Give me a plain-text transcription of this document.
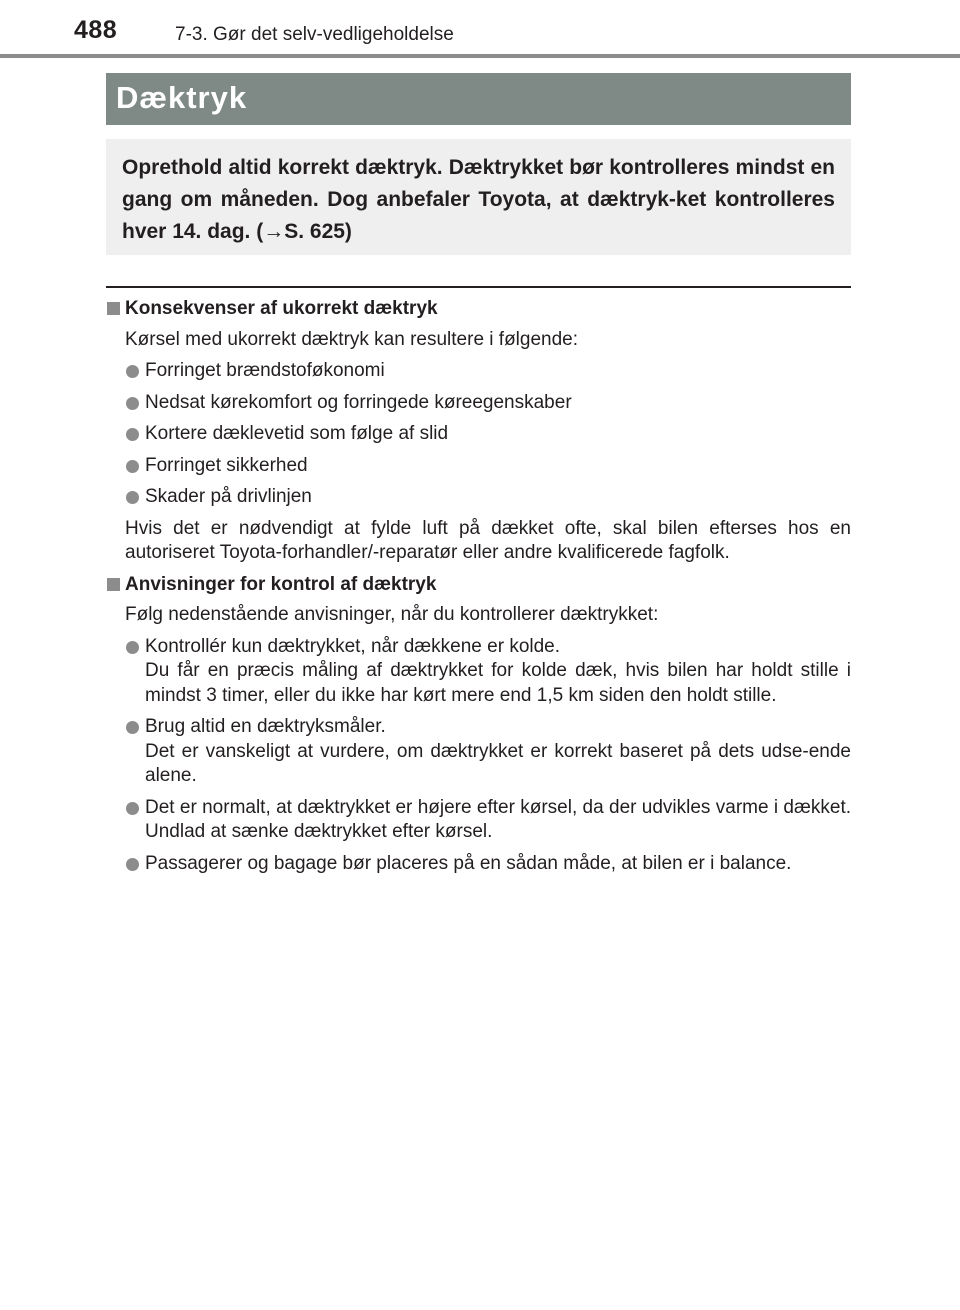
488	7-3. Gør det selv-vedligeholdelse
Dæktryk
Oprethold altid korrekt dæktryk. Dæktrykket bør kontrolleres mindst en gang om måneden. Dog anbefaler Toyota, at dæktryk-ket kontrolleres hver 14. dag. (→S. 625)
Konsekvenser af ukorrekt dæktryk
Kørsel med ukorrekt dæktryk kan resultere i følgende:
Forringet brændstoføkonomi
Nedsat kørekomfort og forringede køreegenskaber
Kortere dæklevetid som følge af slid
Forringet sikkerhed
Skader på drivlinjen
Hvis det er nødvendigt at fylde luft på dækket ofte, skal bilen efterses hos en autoriseret Toyota-forhandler/-reparatør eller andre kvalificerede fagfolk.
Anvisninger for kontrol af dæktryk
Følg nedenstående anvisninger, når du kontrollerer dæktrykket:
Kontrollér kun dæktrykket, når dækkene er kolde.
Du får en præcis måling af dæktrykket for kolde dæk, hvis bilen har holdt stille i mindst 3 timer, eller du ikke har kørt mere end 1,5 km siden den holdt stille.
Brug altid en dæktryksmåler.
Det er vanskeligt at vurdere, om dæktrykket er korrekt baseret på dets udse-ende alene.
Det er normalt, at dæktrykket er højere efter kørsel, da der udvikles varme i dækket. Undlad at sænke dæktrykket efter kørsel.
Passagerer og bagage bør placeres på en sådan måde, at bilen er i balance.
